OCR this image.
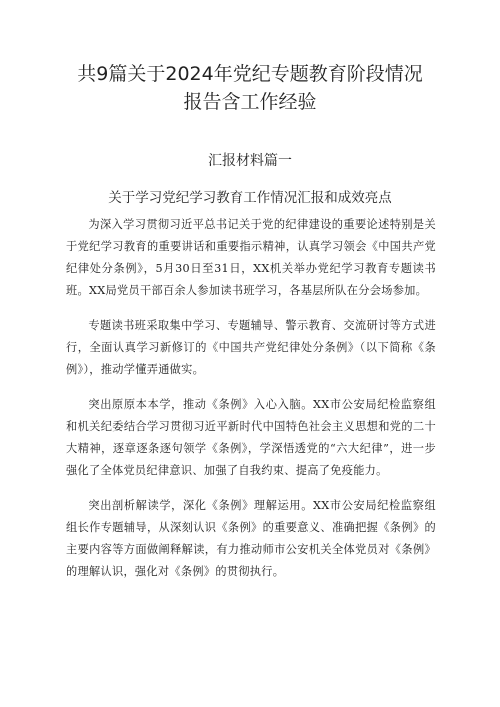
共9篇关于2024年党纪专题教育阶段情况
报告含工作经验
汇报材料篇一
关于学习党纪学习教育工作情况汇报和成效亮点

为深入学习贯彻习近平总书记关于党的纪律建设的重要论述特别是关于党纪学习教育的重要讲话和重要指示精神，认真学习领会《中国共产党纪律处分条例》，5月30日至31日，XX机关举办党纪学习教育专题读书班。XX局党员干部百余人参加读书班学习，各基层所队在分会场参加。

专题读书班采取集中学习、专题辅导、警示教育、交流研讨等方式进行，全面认真学习新修订的《中国共产党纪律处分条例》（以下简称《条例》），推动学懂弄通做实。

突出原原本本学，推动《条例》入心入脑。XX市公安局纪检监察组和机关纪委结合学习贯彻习近平新时代中国特色社会主义思想和党的二十大精神，逐章逐条逐句领学《条例》，学深悟透党的“六大纪律”，进一步强化了全体党员纪律意识、加强了自我约束、提高了免疫能力。

突出剖析解读学，深化《条例》理解运用。XX市公安局纪检监察组组长作专题辅导，从深刻认识《条例》的重要意义、准确把握《条例》的主要内容等方面做阐释解读，有力推动师市公安机关全体党员对《条例》的理解认识，强化对《条例》的贯彻执行。
